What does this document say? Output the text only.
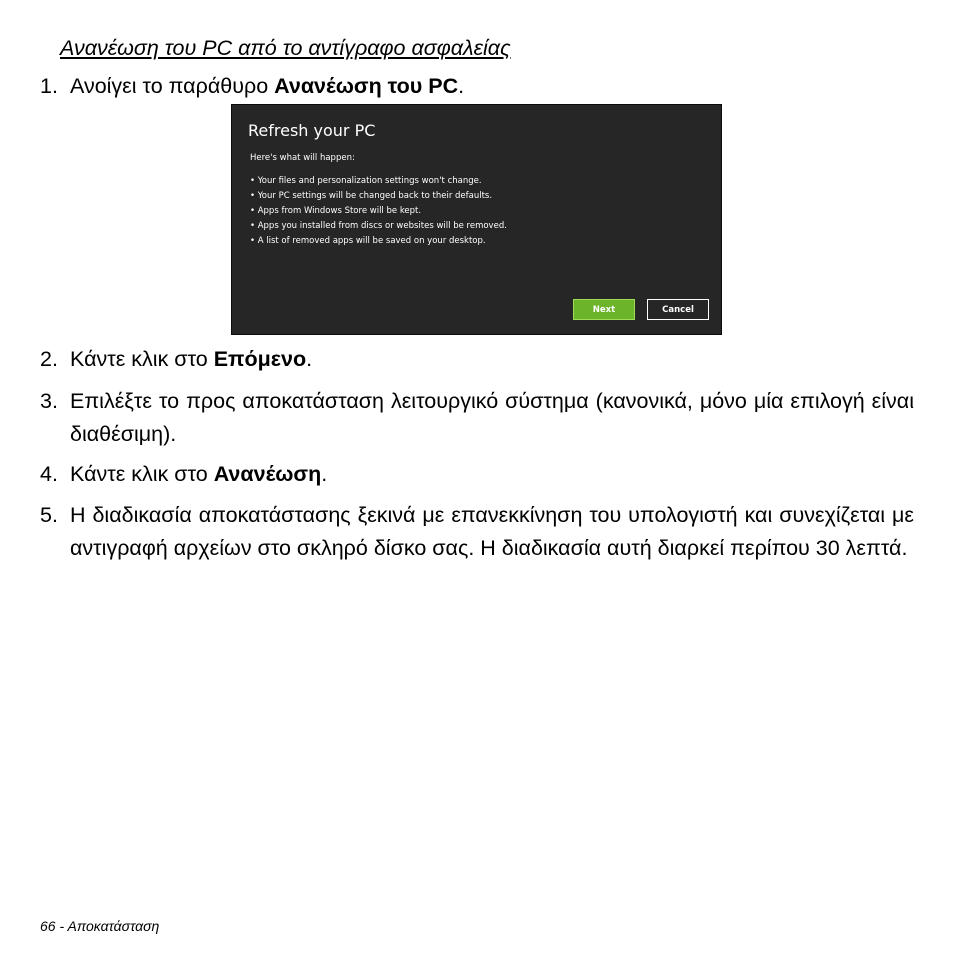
Ανανέωση του PC από το αντίγραφο ασφαλείας
1. Ανοίγει το παράθυρο Ανανέωση του PC.
Refresh your PC
Here's what will happen:
• Your files and personalization settings won't change.
• Your PC settings will be changed back to their defaults.
• Apps from Windows Store will be kept.
• Apps you installed from discs or websites will be removed.
• A list of removed apps will be saved on your desktop.
Next	Cancel
2. Κάντε κλικ στο Επόμενο.
3. Επιλέξτε το προς αποκατάσταση λειτουργικό σύστημα (κανονικά, μόνο μία επιλογή είναι διαθέσιμη).
4. Κάντε κλικ στο Ανανέωση.
5. Η διαδικασία αποκατάστασης ξεκινά με επανεκκίνηση του υπολογιστή και συνεχίζεται με αντιγραφή αρχείων στο σκληρό δίσκο σας. Η διαδικασία αυτή διαρκεί περίπου 30 λεπτά.
66 - Αποκατάσταση
